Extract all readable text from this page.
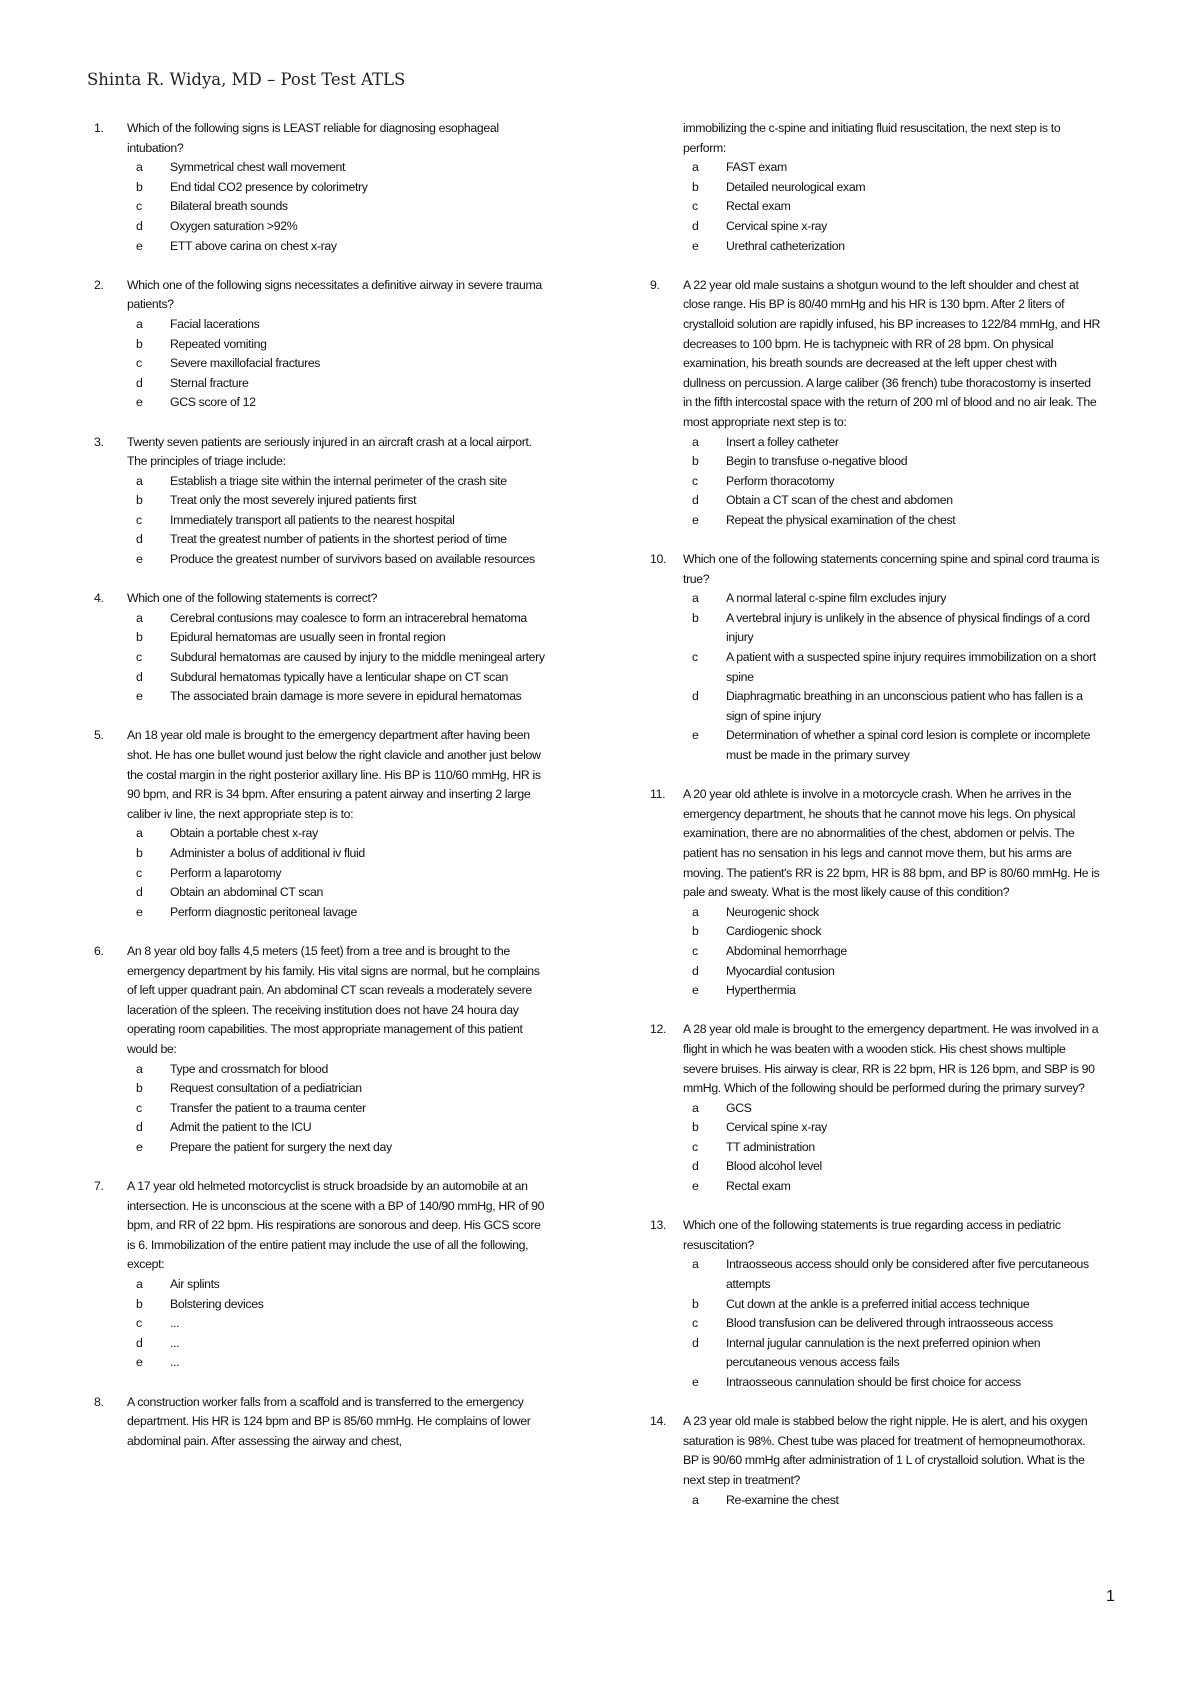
Shinta R. Widya, MD – Post Test ATLS
1.	Which of the following signs is LEAST reliable for diagnosing esophageal intubation?
a Symmetrical chest wall movement
b End tidal CO2 presence by colorimetry
c Bilateral breath sounds
d Oxygen saturation >92%
e ETT above carina on chest x-ray
2.	Which one of the following signs necessitates a definitive airway in severe trauma patients?
a Facial lacerations
b Repeated vomiting
c Severe maxillofacial fractures
d Sternal fracture
e GCS score of 12
3.	Twenty seven patients are seriously injured in an aircraft crash at a local airport. The principles of triage include:
a Establish a triage site within the internal perimeter of the crash site
b Treat only the most severely injured patients first
c Immediately transport all patients to the nearest hospital
d Treat the greatest number of patients in the shortest period of time
e Produce the greatest number of survivors based on available resources
4.	Which one of the following statements is correct?
a Cerebral contusions may coalesce to form an intracerebral hematoma
b Epidural hematomas are usually seen in frontal region
c Subdural hematomas are caused by injury to the middle meningeal artery
d Subdural hematomas typically have a lenticular shape on CT scan
e The associated brain damage is more severe in epidural hematomas
5.	An 18 year old male is brought to the emergency department after having been shot. He has one bullet wound just below the right clavicle and another just below the costal margin in the right posterior axillary line. His BP is 110/60 mmHg, HR is 90 bpm, and RR is 34 bpm. After ensuring a patent airway and inserting 2 large caliber iv line, the next appropriate step is to:
a Obtain a portable chest x-ray
b Administer a bolus of additional iv fluid
c Perform a laparotomy
d Obtain an abdominal CT scan
e Perform diagnostic peritoneal lavage
6.	An 8 year old boy falls 4,5 meters (15 feet) from a tree and is brought to the emergency department by his family. His vital signs are normal, but he complains of left upper quadrant pain. An abdominal CT scan reveals a moderately severe laceration of the spleen. The receiving institution does not have 24 houra day operating room capabilities. The most appropriate management of this patient would be:
a Type and crossmatch for blood
b Request consultation of a pediatrician
c Transfer the patient to a trauma center
d Admit the patient to the ICU
e Prepare the patient for surgery the next day
7.	A 17 year old helmeted motorcyclist is struck broadside by an automobile at an intersection. He is unconscious at the scene with a BP of 140/90 mmHg, HR of 90 bpm, and RR of 22 bpm. His respirations are sonorous and deep. His GCS score is 6. Immobilization of the entire patient may include the use of all the following, except:
a Air splints
b Bolstering devices
c ...
d ...
e ...
8.	A construction worker falls from a scaffold and is transferred to the emergency department. His HR is 124 bpm and BP is 85/60 mmHg. He complains of lower abdominal pain. After assessing the airway and chest,
immobilizing the c-spine and initiating fluid resuscitation, the next step is to perform:
a FAST exam
b Detailed neurological exam
c Rectal exam
d Cervical spine x-ray
e Urethral catheterization
9.	A 22 year old male sustains a shotgun wound to the left shoulder and chest at close range. His BP is 80/40 mmHg and his HR is 130 bpm. After 2 liters of crystalloid solution are rapidly infused, his BP increases to 122/84 mmHg, and HR decreases to 100 bpm. He is tachypneic with RR of 28 bpm. On physical examination, his breath sounds are decreased at the left upper chest with dullness on percussion. A large caliber (36 french) tube thoracostomy is inserted in the fifth intercostal space with the return of 200 ml of blood and no air leak. The most appropriate next step is to:
a Insert a folley catheter
b Begin to transfuse o-negative blood
c Perform thoracotomy
d Obtain a CT scan of the chest and abdomen
e Repeat the physical examination of the chest
10.	Which one of the following statements concerning spine and spinal cord trauma is true?
a A normal lateral c-spine film excludes injury
b A vertebral injury is unlikely in the absence of physical findings of a cord injury
c A patient with a suspected spine injury requires immobilization on a short spine
d Diaphragmatic breathing in an unconscious patient who has fallen is a sign of spine injury
e Determination of whether a spinal cord lesion is complete or incomplete must be made in the primary survey
11.	A 20 year old athlete is involve in a motorcycle crash. When he arrives in the emergency department, he shouts that he cannot move his legs. On physical examination, there are no abnormalities of the chest, abdomen or pelvis. The patient has no sensation in his legs and cannot move them, but his arms are moving. The patient's RR is 22 bpm, HR is 88 bpm, and BP is 80/60 mmHg. He is pale and sweaty. What is the most likely cause of this condition?
a Neurogenic shock
b Cardiogenic shock
c Abdominal hemorrhage
d Myocardial contusion
e Hyperthermia
12.	A 28 year old male is brought to the emergency department. He was involved in a flight in which he was beaten with a wooden stick. His chest shows multiple severe bruises. His airway is clear, RR is 22 bpm, HR is 126 bpm, and SBP is 90 mmHg. Which of the following should be performed during the primary survey?
a GCS
b Cervical spine x-ray
c TT administration
d Blood alcohol level
e Rectal exam
13.	Which one of the following statements is true regarding access in pediatric resuscitation?
a Intraosseous access should only be considered after five percutaneous attempts
b Cut down at the ankle is a preferred initial access technique
c Blood transfusion can be delivered through intraosseous access
d Internal jugular cannulation is the next preferred opinion when percutaneous venous access fails
e Intraosseous cannulation should be first choice for access
14.	A 23 year old male is stabbed below the right nipple. He is alert, and his oxygen saturation is 98%. Chest tube was placed for treatment of hemopneumothorax. BP is 90/60 mmHg after administration of 1 L of crystalloid solution. What is the next step in treatment?
a Re-examine the chest
1
